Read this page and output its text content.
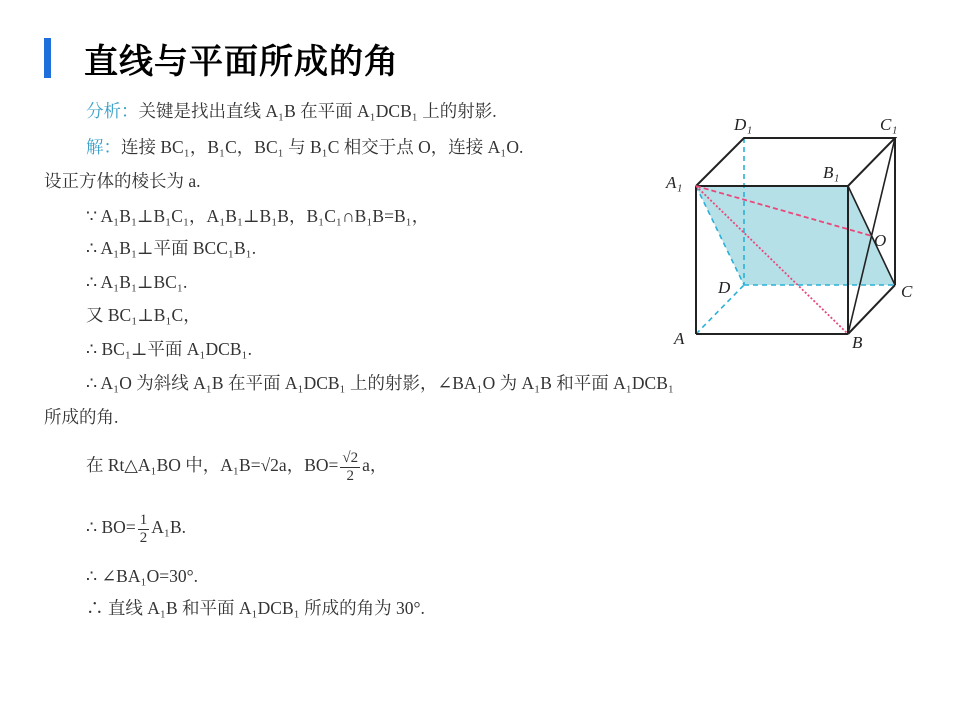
直线与平面所成的角
分析：关键是找出直线 A₁B 在平面 A₁DCB₁ 上的射影.
解：连接 BC₁，B₁C，BC₁ 与 B₁C 相交于点 O，连接 A₁O.
设正方体的棱长为 a.
∵ A₁B₁⊥B₁C₁，A₁B₁⊥B₁B，B₁C₁∩B₁B=B₁，
∴ A₁B₁⊥平面 BCC₁B₁.
∴ A₁B₁⊥BC₁.
又 BC₁⊥B₁C，
∴ BC₁⊥平面 A₁DCB₁.
∴ A₁O 为斜线 A₁B 在平面 A₁DCB₁ 上的射影，∠BA₁O 为 A₁B 和平面 A₁DCB₁
所成的角.
在 Rt△A₁BO 中，A₁B=√2a，$BO= \frac{√2}{2}$ a，
∴ $BO= \frac{1}{2} A_1B$.
∴ ∠BA₁O=30°.
∴ 直线 A₁B 和平面 A₁DCB₁ 所成的角为 30°.
D₁	C₁
A₁
B₁
O
D	C
A	B
